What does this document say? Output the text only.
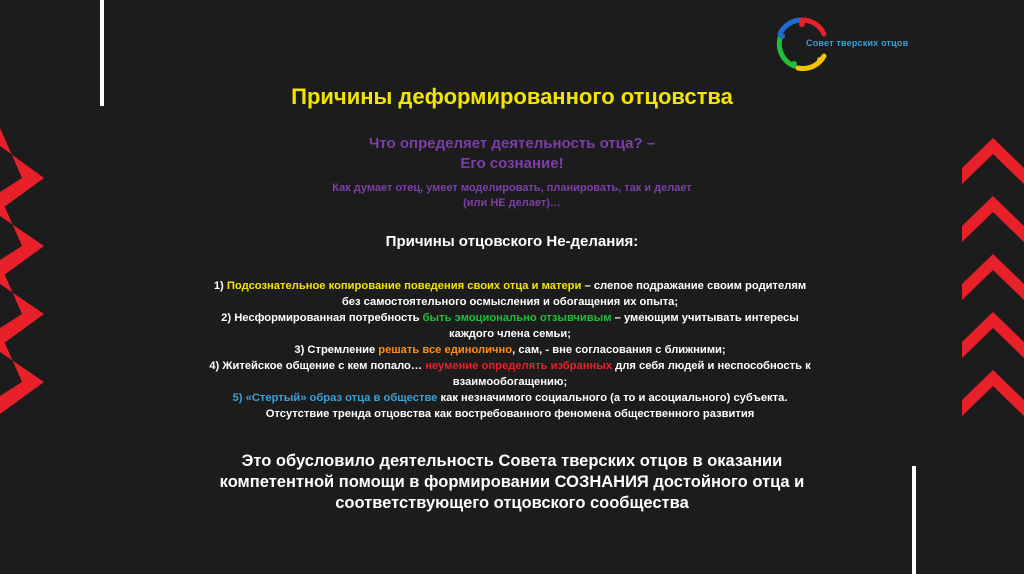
Совет тверских отцов
Причины деформированного отцовства
Что определяет деятельность отца? –
Его сознание!
Как думает отец, умеет моделировать, планировать, так и делает
(или НЕ делает)…
Причины отцовского Не-делания:
1) Подсознательное копирование поведения своих отца и матери – слепое подражание своим родителям
без самостоятельного осмысления и обогащения их опыта;
2) Несформированная потребность быть эмоционально отзывчивым – умеющим учитывать интересы
каждого члена семьи;
3) Стремление решать все единолично, сам, - вне согласования с ближними;
4) Житейское общение с кем попало… неумение определять избранных для себя людей и неспособность к
взаимообогащению;
5) «Стертый» образ отца в обществе как незначимого социального (а то и асоциального) субъекта.
Отсутствие тренда отцовства как востребованного феномена общественного развития
Это обусловило деятельность Совета тверских отцов в оказании
компетентной помощи в формировании СОЗНАНИЯ достойного отца и
соответствующего отцовского сообщества
